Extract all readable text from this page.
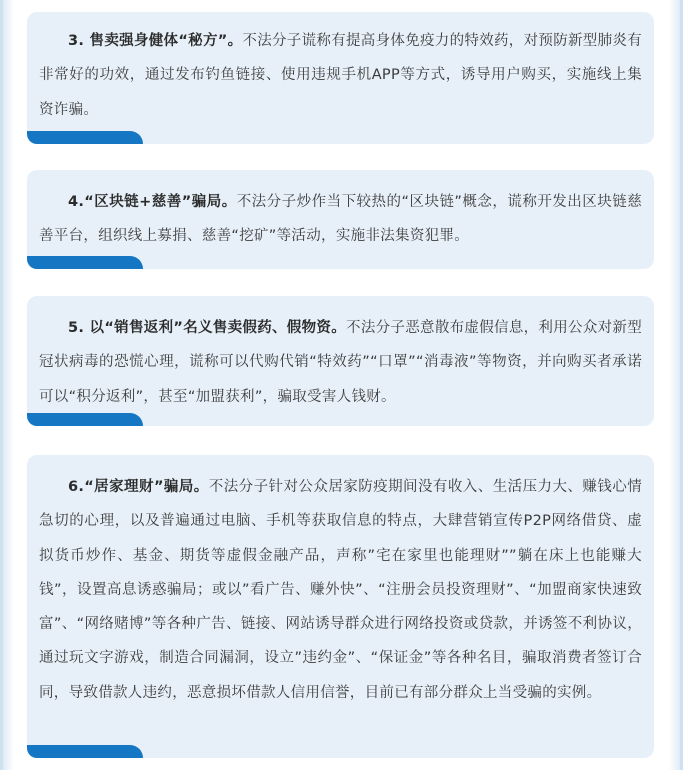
3. 售卖强身健体“秘方”。不法分子谎称有提高身体免疫力的特效药，对预防新型肺炎有非常好的功效，通过发布钓鱼链接、使用违规手机APP等方式，诱导用户购买，实施线上集资诈骗。

4.“区块链+慈善”骗局。不法分子炒作当下较热的“区块链”概念，谎称开发出区块链慈善平台，组织线上募捐、慈善“挖矿”等活动，实施非法集资犯罪。

5. 以“销售返利”名义售卖假药、假物资。不法分子恶意散布虚假信息，利用公众对新型冠状病毒的恐慌心理，谎称可以代购代销“特效药”“口罩”“消毒液”等物资，并向购买者承诺可以“积分返利”，甚至“加盟获利”，骗取受害人钱财。

6.“居家理财”骗局。不法分子针对公众居家防疫期间没有收入、生活压力大、赚钱心情急切的心理，以及普遍通过电脑、手机等获取信息的特点，大肆营销宣传P2P网络借贷、虚拟货币炒作、基金、期货等虚假金融产品，声称”宅在家里也能理财””躺在床上也能赚大钱”，设置高息诱惑骗局；或以”看广告、赚外快”、“注册会员投资理财”、“加盟商家快速致富”、“网络赌博”等各种广告、链接、网站诱导群众进行网络投资或贷款，并诱签不利协议，通过玩文字游戏，制造合同漏洞，设立”违约金”、“保证金”等各种名目，骗取消费者签订合同，导致借款人违约，恶意损坏借款人信用信誉，目前已有部分群众上当受骗的实例。
